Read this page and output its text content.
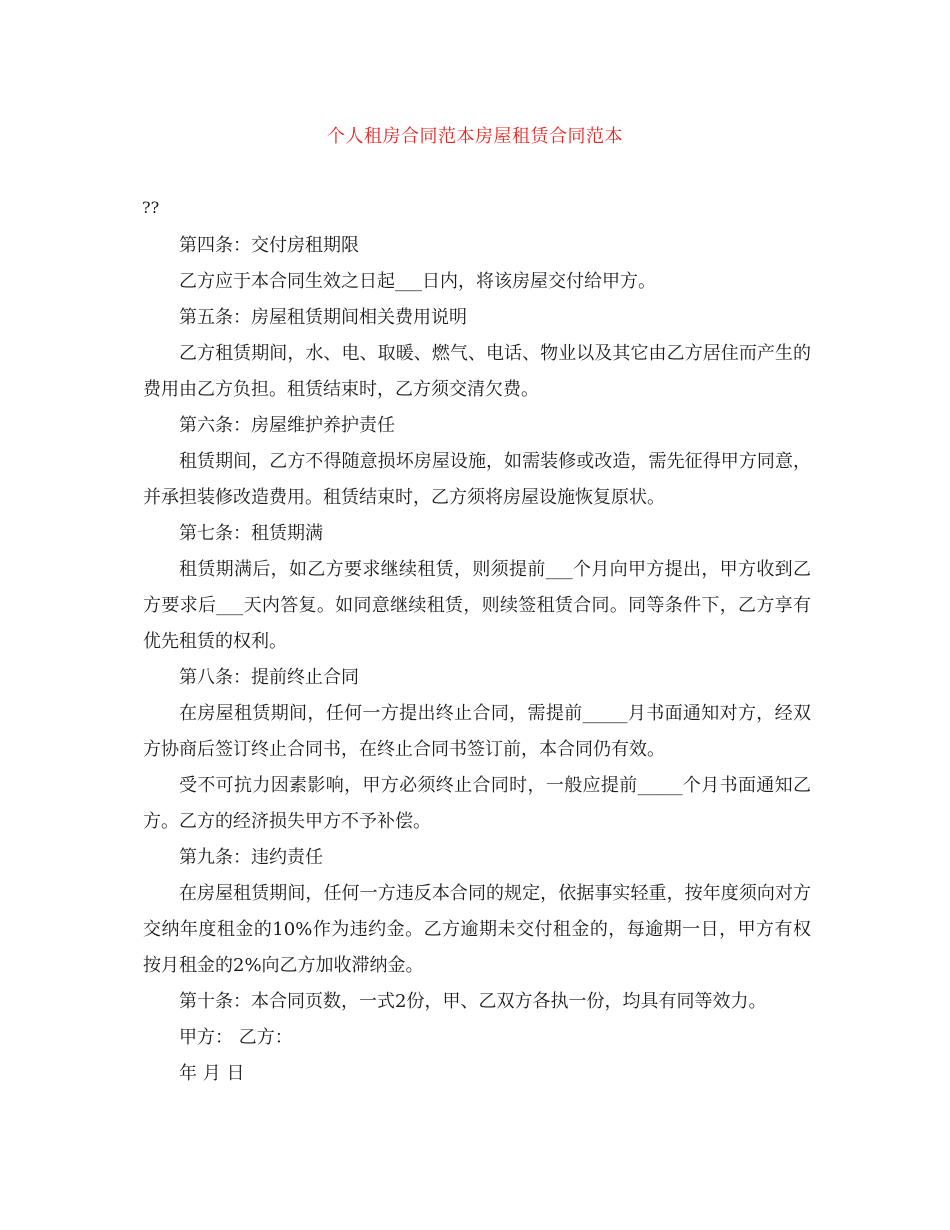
个人租房合同范本房屋租赁合同范本
??

第四条：交付房租期限

乙方应于本合同生效之日起___日内，将该房屋交付给甲方。

第五条：房屋租赁期间相关费用说明

乙方租赁期间，水、电、取暖、燃气、电话、物业以及其它由乙方居住而产生的费用由乙方负担。租赁结束时，乙方须交清欠费。

第六条：房屋维护养护责任

租赁期间，乙方不得随意损坏房屋设施，如需装修或改造，需先征得甲方同意，并承担装修改造费用。租赁结束时，乙方须将房屋设施恢复原状。

第七条：租赁期满

租赁期满后，如乙方要求继续租赁，则须提前___个月向甲方提出，甲方收到乙方要求后___天内答复。如同意继续租赁，则续签租赁合同。同等条件下，乙方享有优先租赁的权利。

第八条：提前终止合同

在房屋租赁期间，任何一方提出终止合同，需提前_____月书面通知对方，经双方协商后签订终止合同书，在终止合同书签订前，本合同仍有效。

受不可抗力因素影响，甲方必须终止合同时，一般应提前_____个月书面通知乙方。乙方的经济损失甲方不予补偿。

第九条：违约责任

在房屋租赁期间，任何一方违反本合同的规定，依据事实轻重，按年度须向对方交纳年度租金的10%作为违约金。乙方逾期未交付租金的，每逾期一日，甲方有权按月租金的2%向乙方加收滞纳金。

第十条：本合同页数，一式2份，甲、乙双方各执一份，均具有同等效力。

甲方： 乙方：

年 月 日
